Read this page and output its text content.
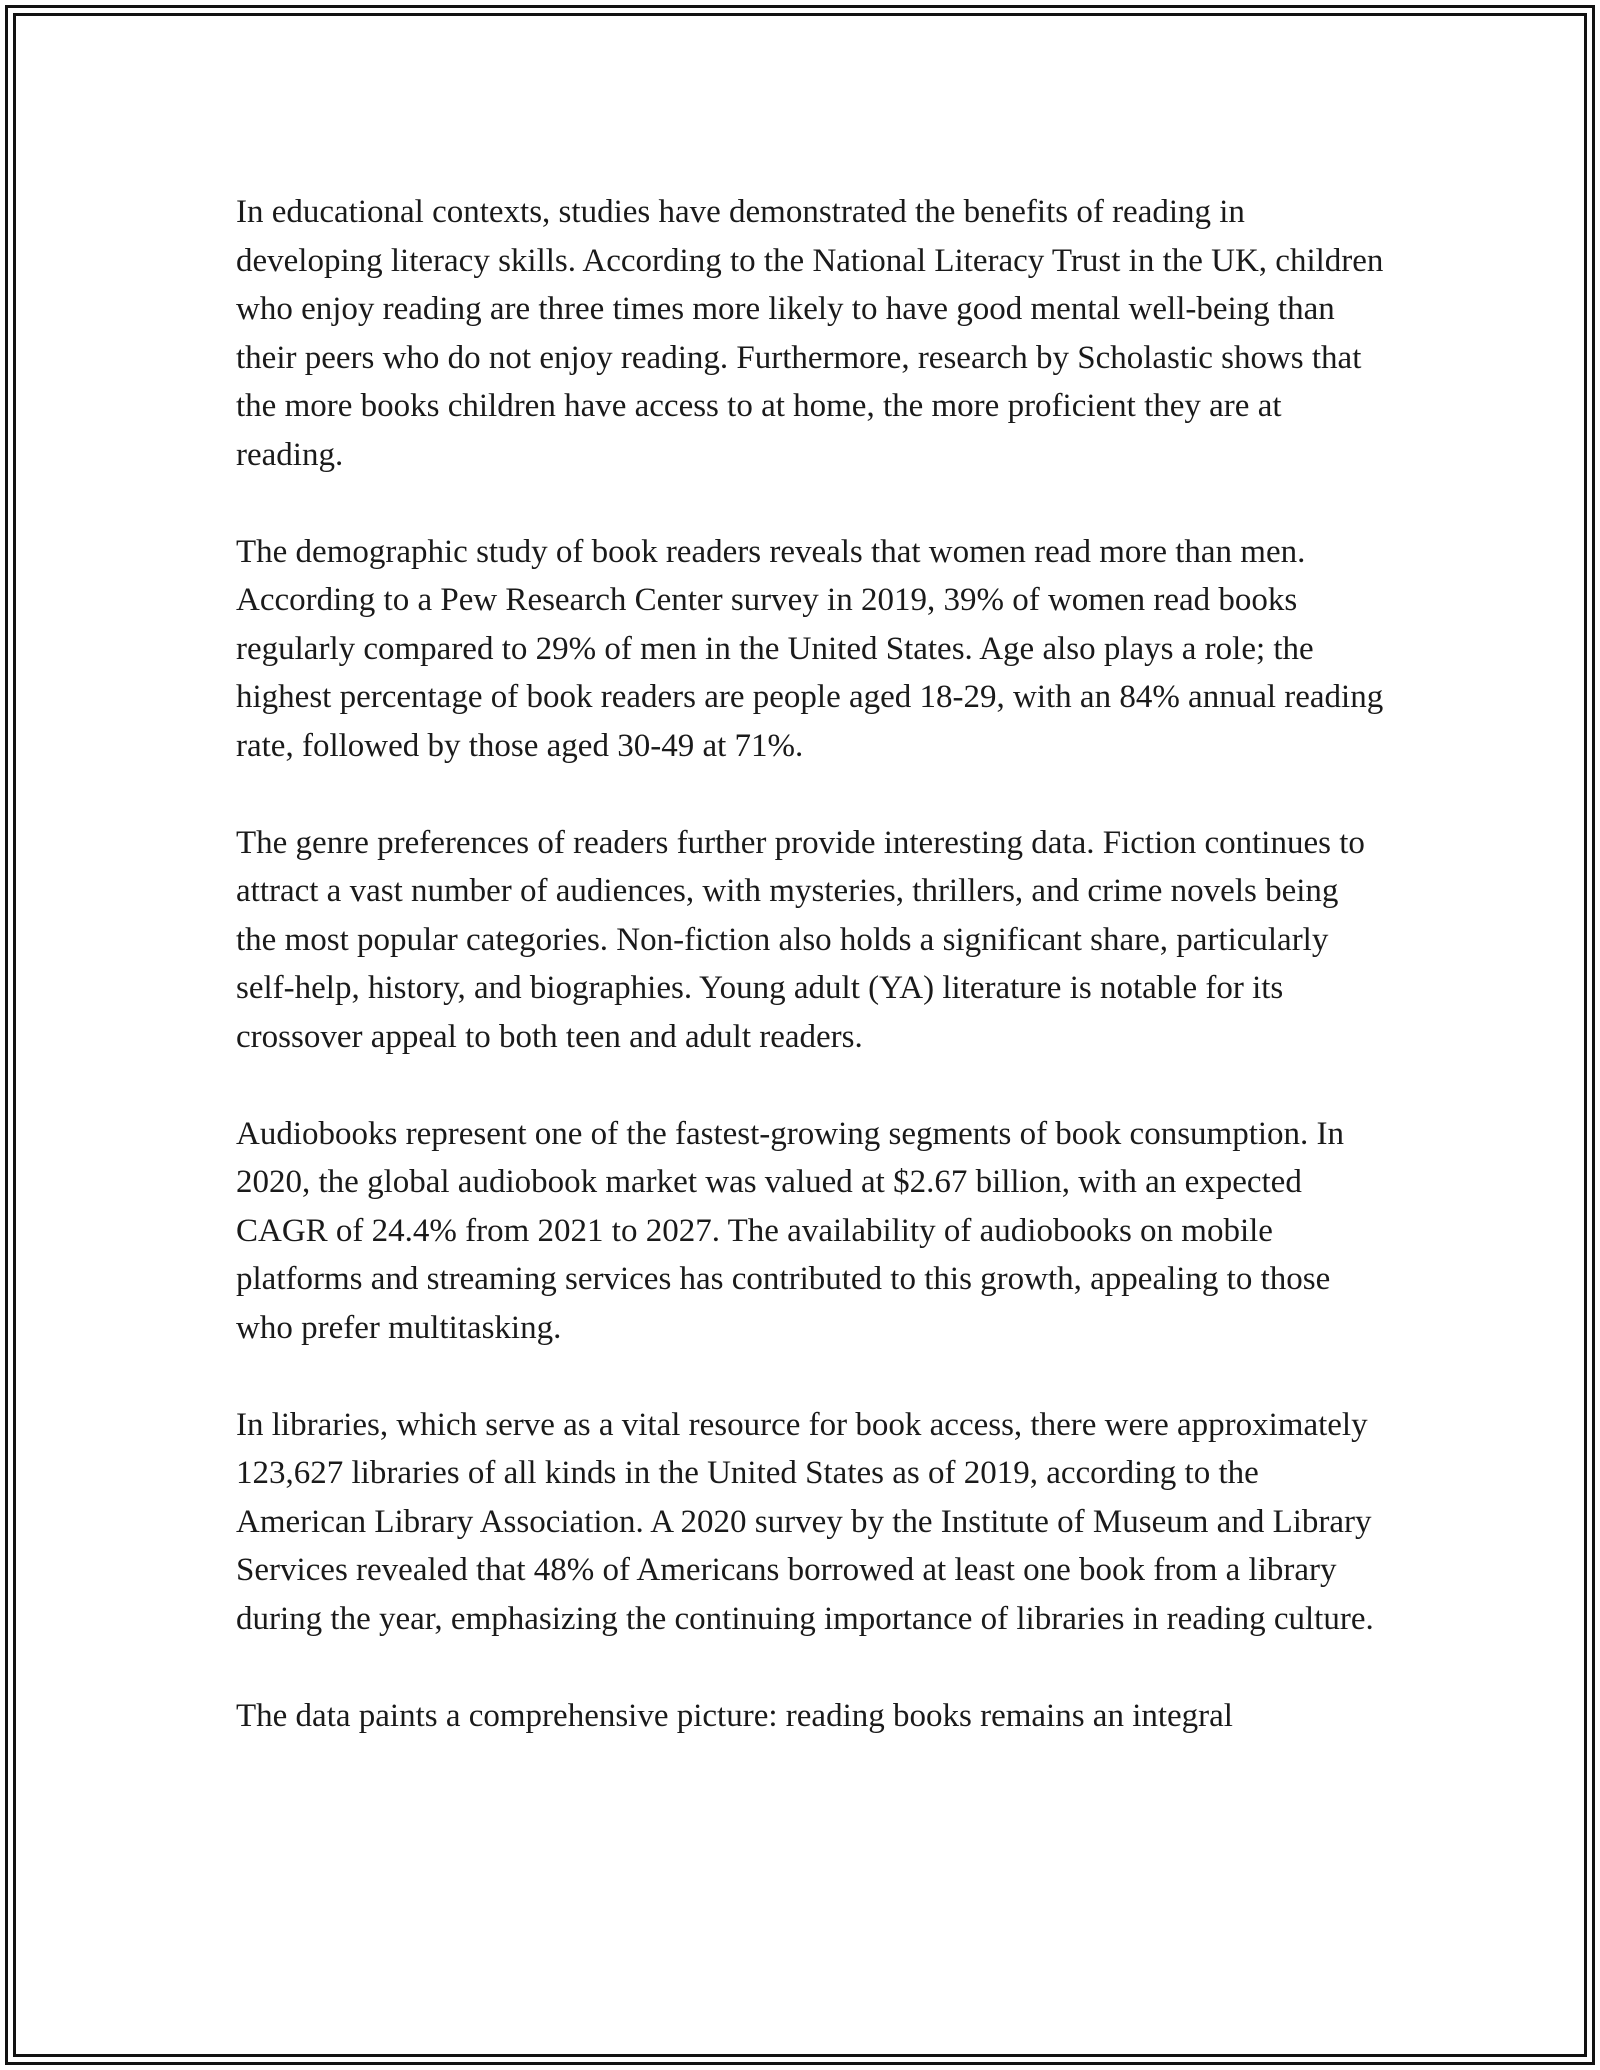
In educational contexts, studies have demonstrated the benefits of reading in developing literacy skills. According to the National Literacy Trust in the UK, children who enjoy reading are three times more likely to have good mental well-being than their peers who do not enjoy reading. Furthermore, research by Scholastic shows that the more books children have access to at home, the more proficient they are at reading.

The demographic study of book readers reveals that women read more than men. According to a Pew Research Center survey in 2019, 39% of women read books regularly compared to 29% of men in the United States. Age also plays a role; the highest percentage of book readers are people aged 18-29, with an 84% annual reading rate, followed by those aged 30-49 at 71%.

The genre preferences of readers further provide interesting data. Fiction continues to attract a vast number of audiences, with mysteries, thrillers, and crime novels being the most popular categories. Non-fiction also holds a significant share, particularly self-help, history, and biographies. Young adult (YA) literature is notable for its crossover appeal to both teen and adult readers.

Audiobooks represent one of the fastest-growing segments of book consumption. In 2020, the global audiobook market was valued at $2.67 billion, with an expected CAGR of 24.4% from 2021 to 2027. The availability of audiobooks on mobile platforms and streaming services has contributed to this growth, appealing to those who prefer multitasking.

In libraries, which serve as a vital resource for book access, there were approximately 123,627 libraries of all kinds in the United States as of 2019, according to the American Library Association. A 2020 survey by the Institute of Museum and Library Services revealed that 48% of Americans borrowed at least one book from a library during the year, emphasizing the continuing importance of libraries in reading culture.

The data paints a comprehensive picture: reading books remains an integral
